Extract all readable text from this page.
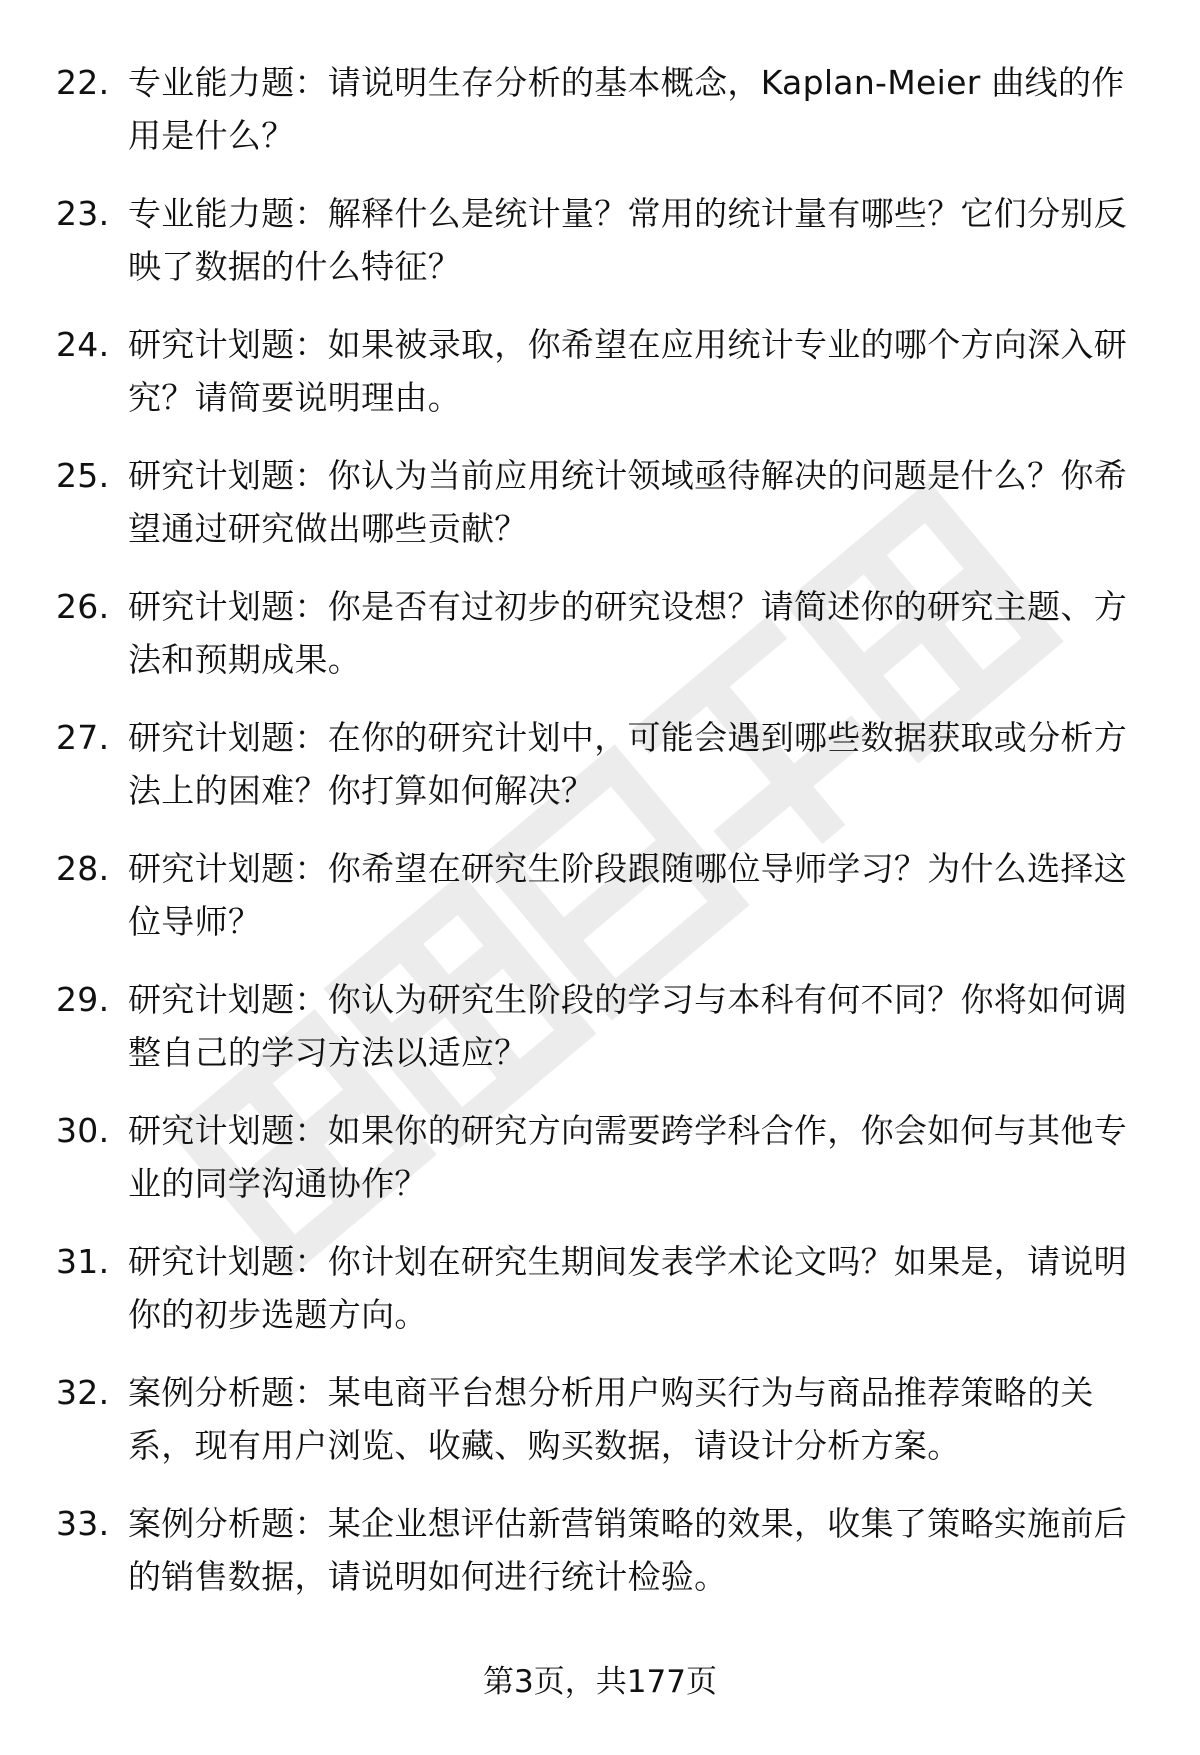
22. 专业能力题：请说明生存分析的基本概念，Kaplan-Meier 曲线的作用是什么？
23. 专业能力题：解释什么是统计量？常用的统计量有哪些？它们分别反映了数据的什么特征？
24. 研究计划题：如果被录取，你希望在应用统计专业的哪个方向深入研究？请简要说明理由。
25. 研究计划题：你认为当前应用统计领域亟待解决的问题是什么？你希望通过研究做出哪些贡献？
26. 研究计划题：你是否有过初步的研究设想？请简述你的研究主题、方法和预期成果。
27. 研究计划题：在你的研究计划中，可能会遇到哪些数据获取或分析方法上的困难？你打算如何解决？
28. 研究计划题：你希望在研究生阶段跟随哪位导师学习？为什么选择这位导师？
29. 研究计划题：你认为研究生阶段的学习与本科有何不同？你将如何调整自己的学习方法以适应？
30. 研究计划题：如果你的研究方向需要跨学科合作，你会如何与其他专业的同学沟通协作？
31. 研究计划题：你计划在研究生期间发表学术论文吗？如果是，请说明你的初步选题方向。
32. 案例分析题：某电商平台想分析用户购买行为与商品推荐策略的关系，现有用户浏览、收藏、购买数据，请设计分析方案。
33. 案例分析题：某企业想评估新营销策略的效果，收集了策略实施前后的销售数据，请说明如何进行统计检验。
第3页，共177页
